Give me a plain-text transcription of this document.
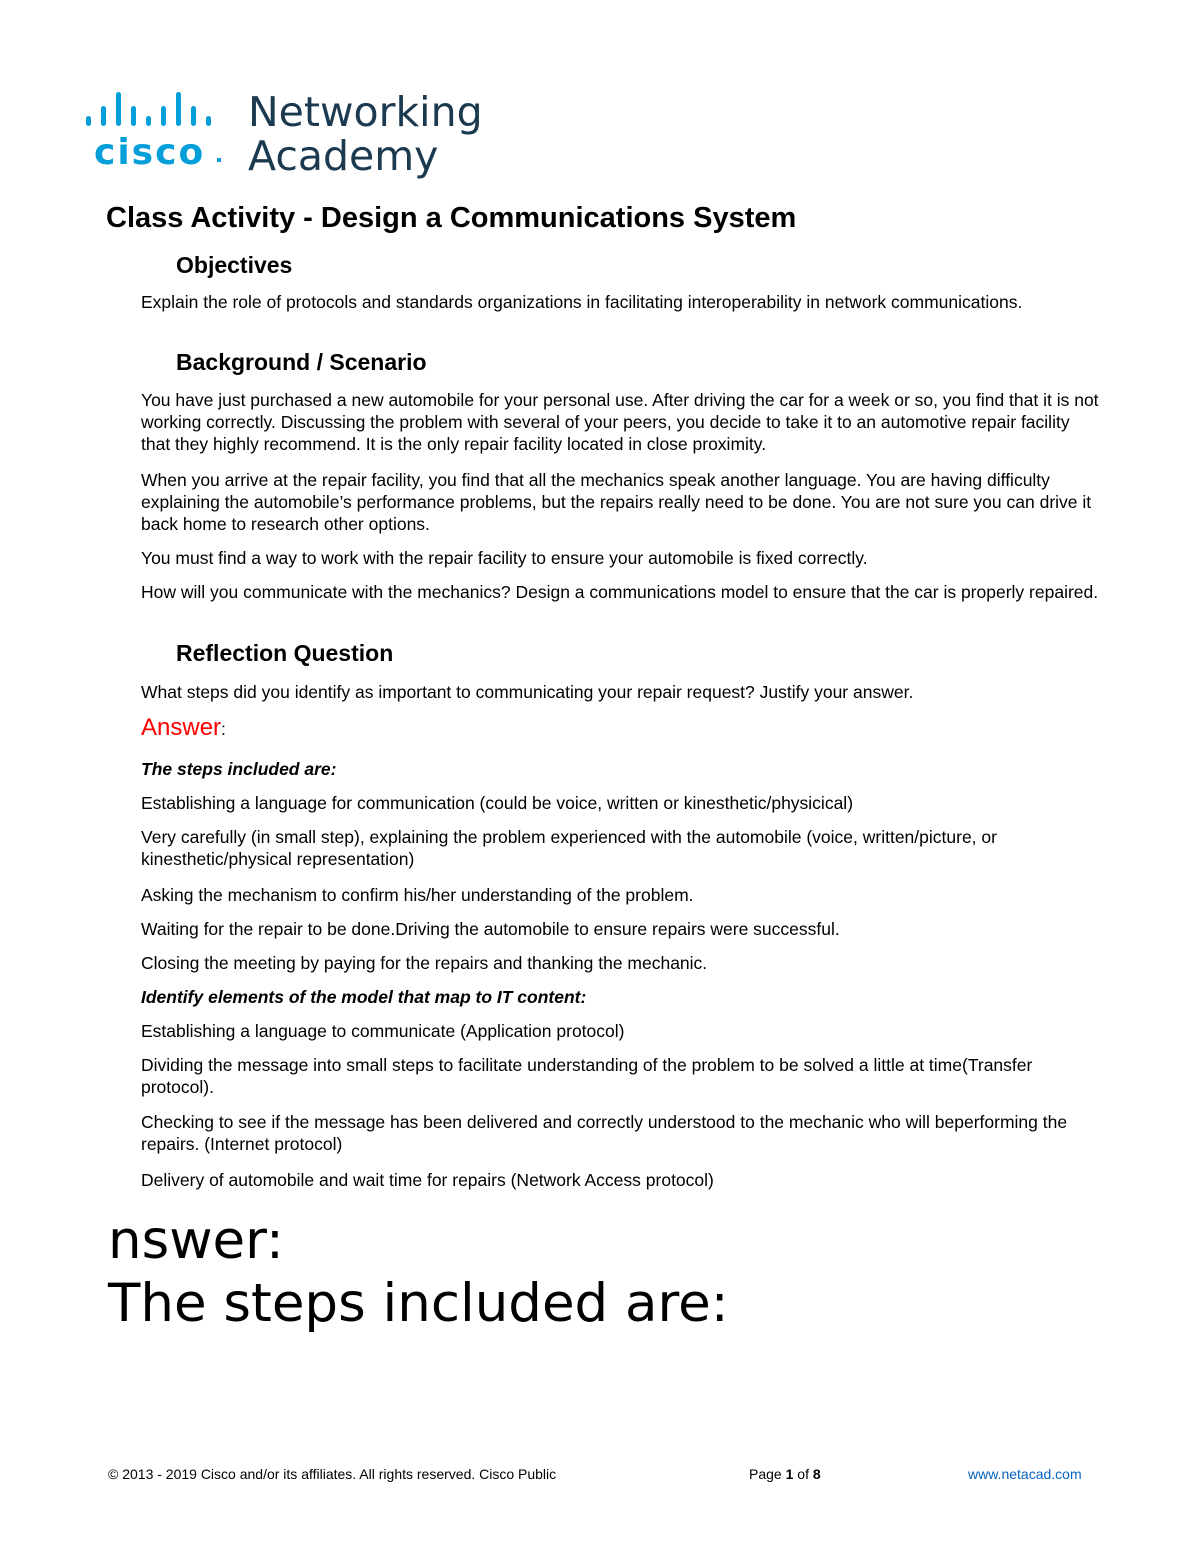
cisco
Networking
Academy
Class Activity - Design a Communications System
Objectives
Explain the role of protocols and standards organizations in facilitating interoperability in network communications.
Background / Scenario
You have just purchased a new automobile for your personal use. After driving the car for a week or so, you find that it is not working correctly. Discussing the problem with several of your peers, you decide to take it to an automotive repair facility that they highly recommend. It is the only repair facility located in close proximity.
When you arrive at the repair facility, you find that all the mechanics speak another language. You are having difficulty explaining the automobile’s performance problems, but the repairs really need to be done. You are not sure you can drive it back home to research other options.
You must find a way to work with the repair facility to ensure your automobile is fixed correctly.
How will you communicate with the mechanics? Design a communications model to ensure that the car is properly repaired.
Reflection Question
What steps did you identify as important to communicating your repair request? Justify your answer.
Answer:
The steps included are:
Establishing a language for communication (could be voice, written or kinesthetic/physicical)
Very carefully (in small step), explaining the problem experienced with the automobile (voice, written/picture, or kinesthetic/physical representation)
Asking the mechanism to confirm his/her understanding of the problem.
Waiting for the repair to be done.Driving the automobile to ensure repairs were successful.
Closing the meeting by paying for the repairs and thanking the mechanic.
Identify elements of the model that map to IT content:
Establishing a language to communicate (Application protocol)
Dividing the message into small steps to facilitate understanding of the problem to be solved a little at time(Transfer protocol).
Checking to see if the message has been delivered and correctly understood to the mechanic who will beperforming the repairs. (Internet protocol)
Delivery of automobile and wait time for repairs (Network Access protocol)
nswer:
The steps included are:
© 2013 - 2019 Cisco and/or its affiliates. All rights reserved. Cisco Public	Page 1 of 8	www.netacad.com
